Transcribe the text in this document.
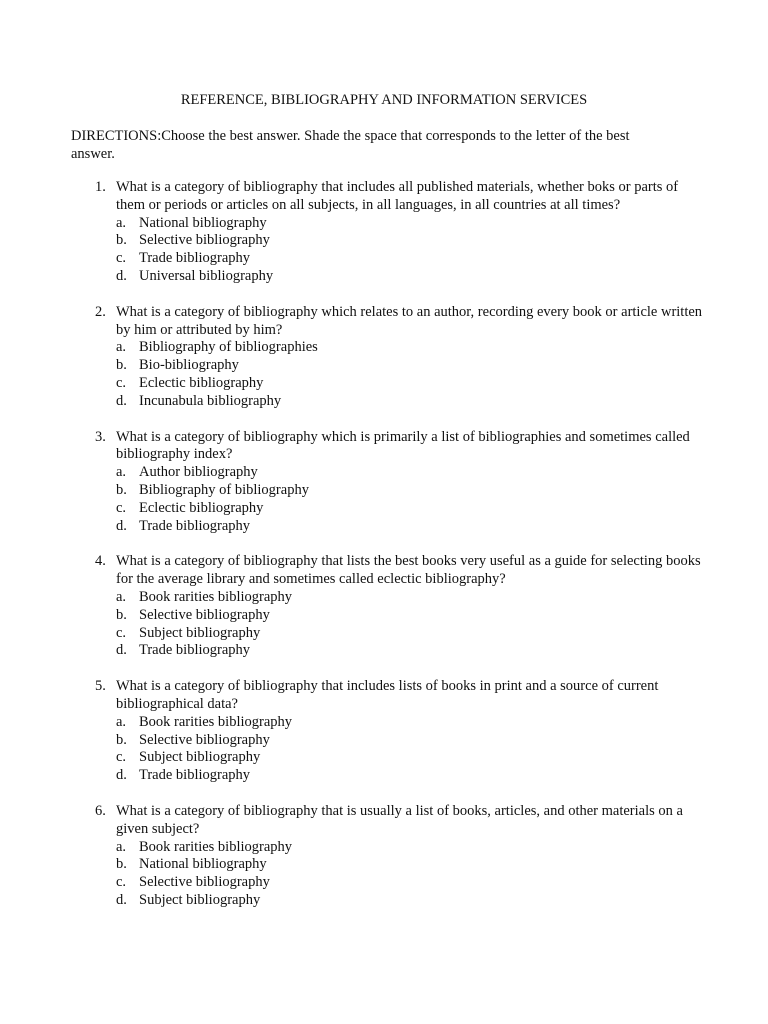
REFERENCE, BIBLIOGRAPHY AND INFORMATION SERVICES
DIRECTIONS:Choose the best answer. Shade the space that corresponds to the letter of the best answer.
1. What is a category of bibliography that includes all published materials, whether boks or parts of them or periods or articles on all subjects, in all languages, in all countries at all times?
a. National bibliography
b. Selective bibliography
c. Trade bibliography
d. Universal bibliography
2. What is a category of bibliography which relates to an author, recording every book or article written by him or attributed by him?
a. Bibliography of bibliographies
b. Bio-bibliography
c. Eclectic bibliography
d. Incunabula bibliography
3. What is a category of bibliography which is primarily a list of bibliographies and sometimes called bibliography index?
a. Author bibliography
b. Bibliography of bibliography
c. Eclectic bibliography
d. Trade bibliography
4. What is a category of bibliography that lists the best books very useful as a guide for selecting books for the average library and sometimes called eclectic bibliography?
a. Book rarities bibliography
b. Selective bibliography
c. Subject bibliography
d. Trade bibliography
5. What is a category of bibliography that includes lists of books in print and a source of current bibliographical data?
a. Book rarities bibliography
b. Selective bibliography
c. Subject bibliography
d. Trade bibliography
6. What is a category of bibliography that is usually a list of books, articles, and other materials on a given subject?
a. Book rarities bibliography
b. National bibliography
c. Selective bibliography
d. Subject bibliography
